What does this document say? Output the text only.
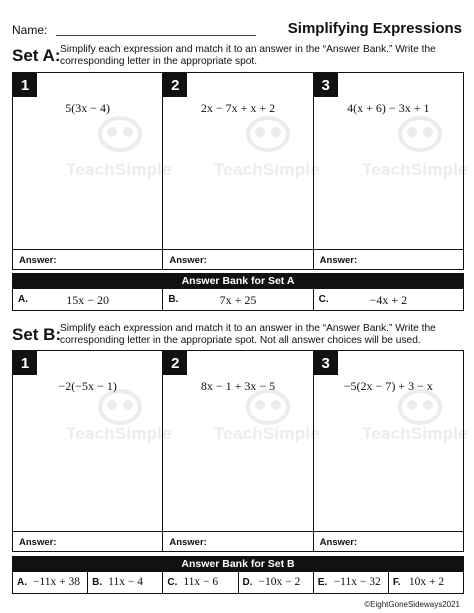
TeachSimple TeachSimple TeachSimple
TeachSimple TeachSimple TeachSimple
Name:	Simplifying Expressions
Set A: Simplify each expression and match it to an answer in the “Answer Bank.” Write the corresponding letter in the appropriate spot.
1
5(3x − 4)
Answer:
2
2x − 7x + x + 2
Answer:
3
4(x + 6) − 3x + 1
Answer:
Answer Bank for Set A
A.	15x − 20	B.	7x + 25	C.	−4x + 2
Set B:
Simplify each expression and match it to an answer in the “Answer Bank.” Write the corresponding letter in the appropriate spot. Not all answer choices will be used.
1
−2(−5x − 1)
Answer:
2
8x − 1 + 3x − 5
Answer:
3
−5(2x − 7) + 3 − x
Answer:
Answer Bank for Set B
A. −11x + 38	B. 11x − 4	C. 11x − 6	D. −10x − 2	E. −11x − 32	F. 10x + 2
©EightGoneSideways2021
